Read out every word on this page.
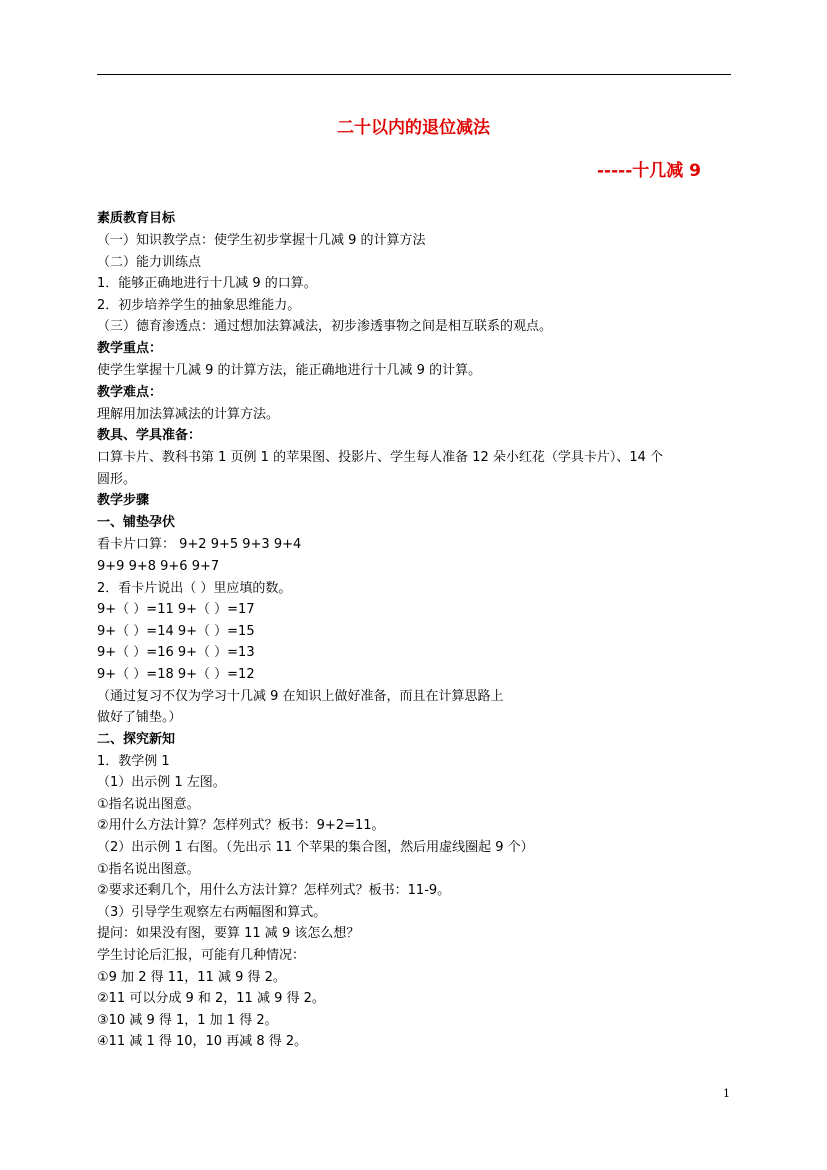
二十以内的退位减法
-----十几减 9
素质教育目标
（一）知识教学点：使学生初步掌握十几减 9 的计算方法
（二）能力训练点
1．能够正确地进行十几减 9 的口算。
2．初步培养学生的抽象思维能力。
（三）德育渗透点：通过想加法算减法，初步渗透事物之间是相互联系的观点。
教学重点：
使学生掌握十几减 9 的计算方法，能正确地进行十几减 9 的计算。
教学难点：
理解用加法算减法的计算方法。
教具、学具准备：
口算卡片、教科书第 1 页例 1 的苹果图、投影片、学生每人准备 12 朵小红花（学具卡片）、14 个
圆形。
教学步骤
一、铺垫孕伏
看卡片口算： 9+2 9+5 9+3 9+4
9+9 9+8 9+6 9+7
2．看卡片说出（ ）里应填的数。
9+（ ）=11 9+（ ）=17
9+（ ）=14 9+（ ）=15
9+（ ）=16 9+（ ）=13
9+（ ）=18 9+（ ）=12
（通过复习不仅为学习十几减 9 在知识上做好准备，而且在计算思路上
做好了铺垫。）
二、探究新知
1．教学例 1
（1）出示例 1 左图。
①指名说出图意。
②用什么方法计算？怎样列式？板书：9+2=11。
（2）出示例 1 右图。（先出示 11 个苹果的集合图，然后用虚线圈起 9 个）
①指名说出图意。
②要求还剩几个，用什么方法计算？怎样列式？板书：11-9。
（3）引导学生观察左右两幅图和算式。
提问：如果没有图，要算 11 减 9 该怎么想？
学生讨论后汇报，可能有几种情况：
①9 加 2 得 11，11 减 9 得 2。
②11 可以分成 9 和 2，11 减 9 得 2。
③10 减 9 得 1，1 加 1 得 2。
④11 减 1 得 10，10 再减 8 得 2。
1
